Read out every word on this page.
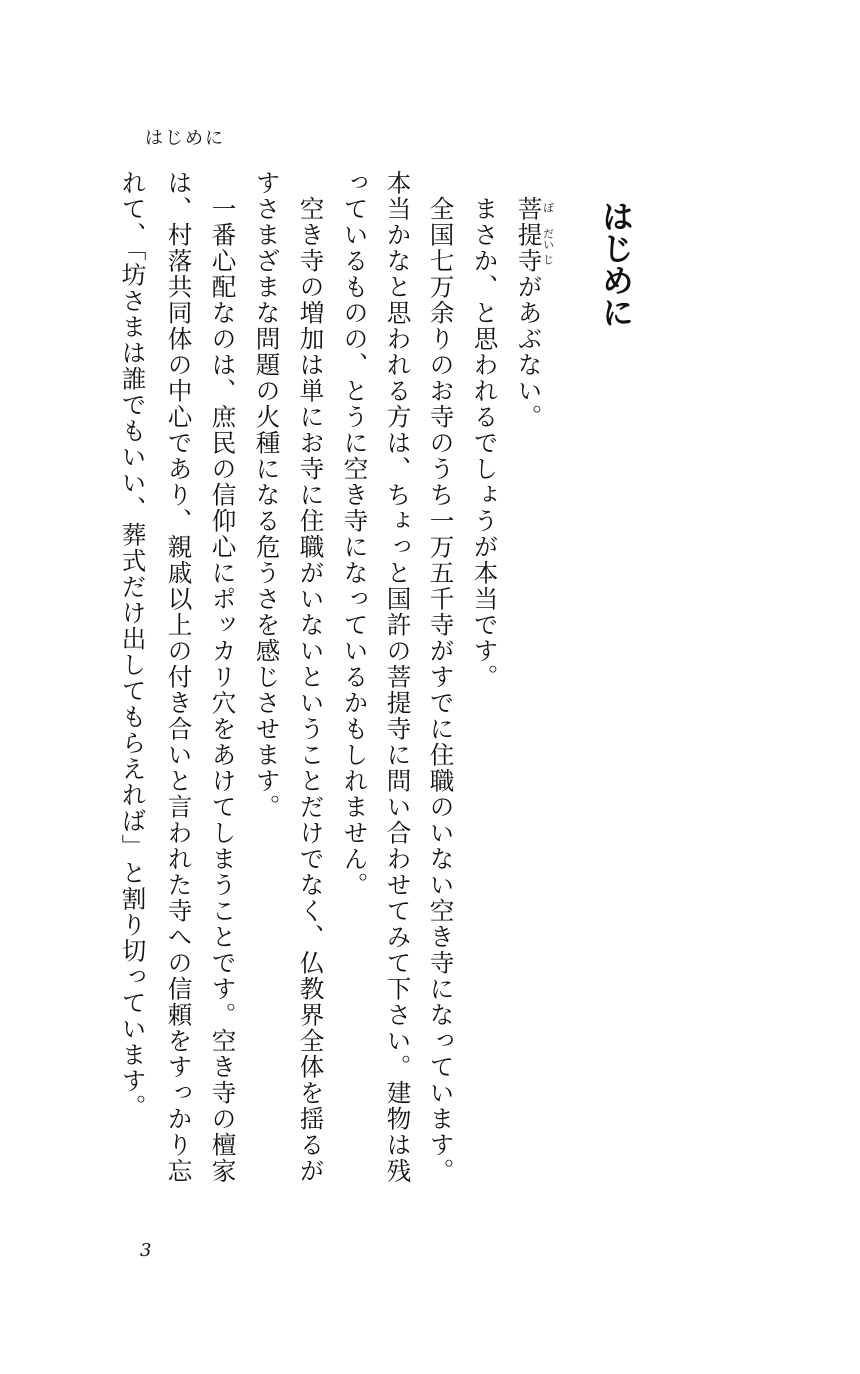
はじめに
はじめに
菩
ぼ
提
だい
寺
じ
があぶない。
まさか、と思われるでしょうが本当です。
全国七万余りのお寺のうち一万五千寺がすでに住職のいない空き寺になっています。
本当かなと思われる方は、ちょっと国許の菩提寺に問い合わせてみて下さい。建物は残
っているものの、とうに空き寺になっているかもしれません。
空き寺の増加は単にお寺に住職がいないということだけでなく、仏教界全体を揺るが
すさまざまな問題の火種になる危うさを感じさせます。
一番心配なのは、庶民の信仰心にポッカリ穴をあけてしまうことです。空き寺の檀家
は、村落共同体の中心であり、親戚以上の付き合いと言われた寺への信頼をすっかり忘
れて、「坊さまは誰でもいい、葬式だけ出してもらえれば」と割り切っています。
3
